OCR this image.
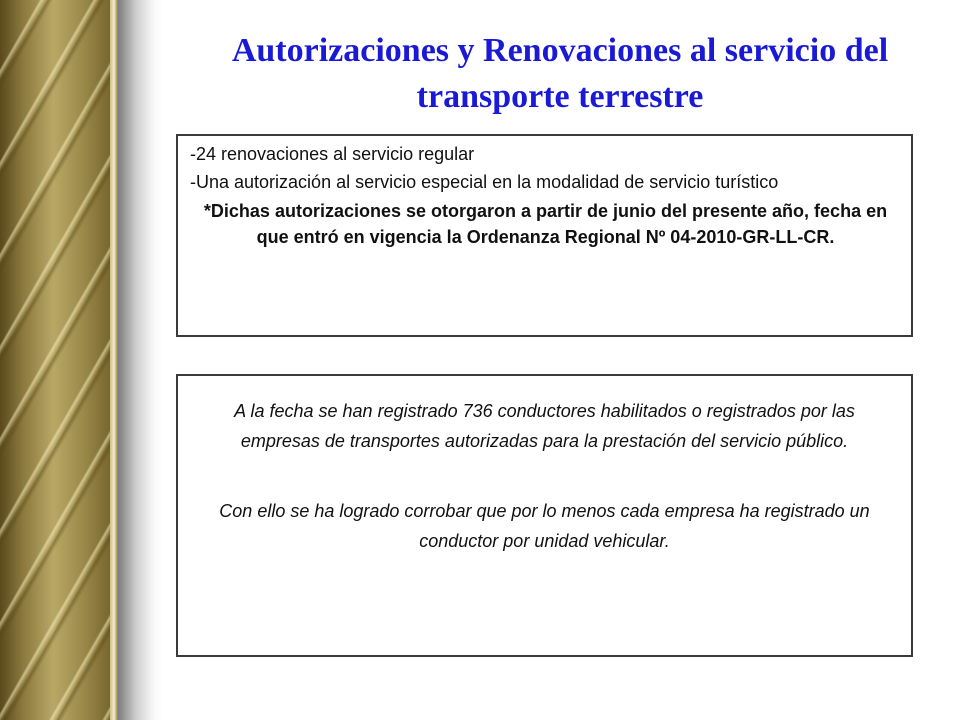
Autorizaciones y Renovaciones al servicio del transporte terrestre

-24 renovaciones al servicio regular

-Una autorización al servicio especial en la modalidad de servicio turístico

*Dichas autorizaciones se otorgaron a partir de junio del presente año, fecha en que entró en vigencia la Ordenanza Regional Nº 04-2010-GR-LL-CR.

A la fecha se han registrado 736 conductores habilitados o registrados por las empresas de transportes autorizadas para la prestación del servicio público.

Con ello se ha logrado corrobar que por lo menos cada empresa ha registrado un conductor por unidad vehicular.
